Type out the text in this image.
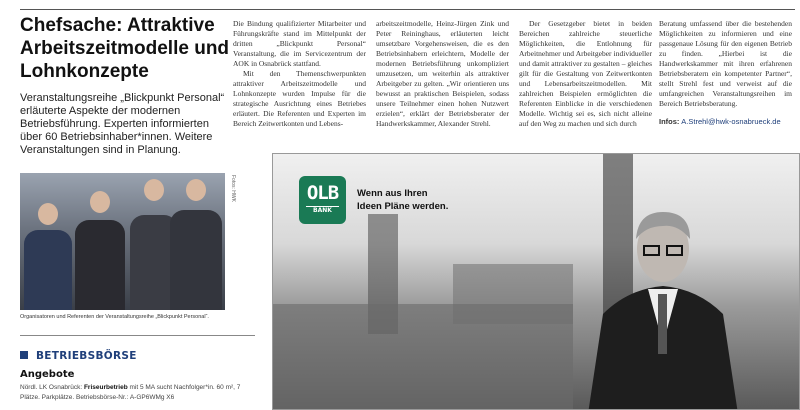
Chefsache: Attraktive Arbeitszeitmodelle und Lohnkonzepte
Veranstaltungsreihe „Blickpunkt Personal“ erläuterte Aspekte der modernen Betriebsführung. Experten informierten über 60 Betriebsinhaber*innen. Weitere Veranstaltungen sind in Planung.

Die Bindung qualifizierter Mitarbeiter und Führungskräfte stand im Mittelpunkt der dritten „Blickpunkt Personal“ Veranstaltung, die im Servicezentrum der AOK in Osnabrück stattfand.

Mit den Themenschwerpunkten attraktiver Arbeitszeitmodelle und Lohnkonzepte wurden Impulse für die strategische Ausrichtung eines Betriebes erläutert. Die Referenten und Experten im Bereich Zeitwertkonten und Lebens-

arbeitszeitmodelle, Heinz-Jürgen Zink und Peter Reininghaus, erläuterten leicht umsetzbare Vorgehensweisen, die es den Betriebsinhabern erleichtern, Modelle der modernen Betriebsführung unkompliziert umzusetzen, um weiterhin als attraktiver Arbeitgeber zu gelten. „Wir orientieren uns bewusst an praktischen Beispielen, sodass unsere Teilnehmer einen hohen Nutzwert erzielen“, erklärt der Betriebsberater der Handwerkskammer, Alexander Strehl.

Der Gesetzgeber bietet in beiden Bereichen zahlreiche steuerliche Möglichkeiten, die Entlohnung für Arbeitnehmer und Arbeitgeber individueller und damit attraktiver zu gestalten – gleiches gilt für die Gestaltung von Zeitwertkonten und Lebensarbeitszeitmodellen. Mit zahlreichen Beispielen ermöglichten die Referenten Einblicke in die verschiedenen Modelle. Wichtig sei es, sich nicht alleine auf den Weg zu machen und sich durch

Beratung umfassend über die bestehenden Möglichkeiten zu informieren und eine passgenaue Lösung für den eigenen Betrieb zu finden. „Hierbei ist die Handwerkskammer mit ihren erfahrenen Betriebsberatern ein kompetenter Partner“, stellt Strehl fest und verweist auf die umfangreichen Veranstaltungsreihen im Bereich Betriebsberatung.

Infos: A.Strehl@hwk-osnabrueck.de

Fotos: HWK
Organisatoren und Referenten der Veranstaltungsreihe „Blickpunkt Personal“.
BETRIEBSBÖRSE
Angebote
Nördl. LK Osnabrück: Friseurbetrieb mit 5 MA sucht Nachfolger*in. 60 m², 7 Plätze. Parkplätze. Betriebsbörse-Nr.: A-GP6WMg X6
OLB
BANK
Wenn aus Ihren
Ideen Pläne werden.
